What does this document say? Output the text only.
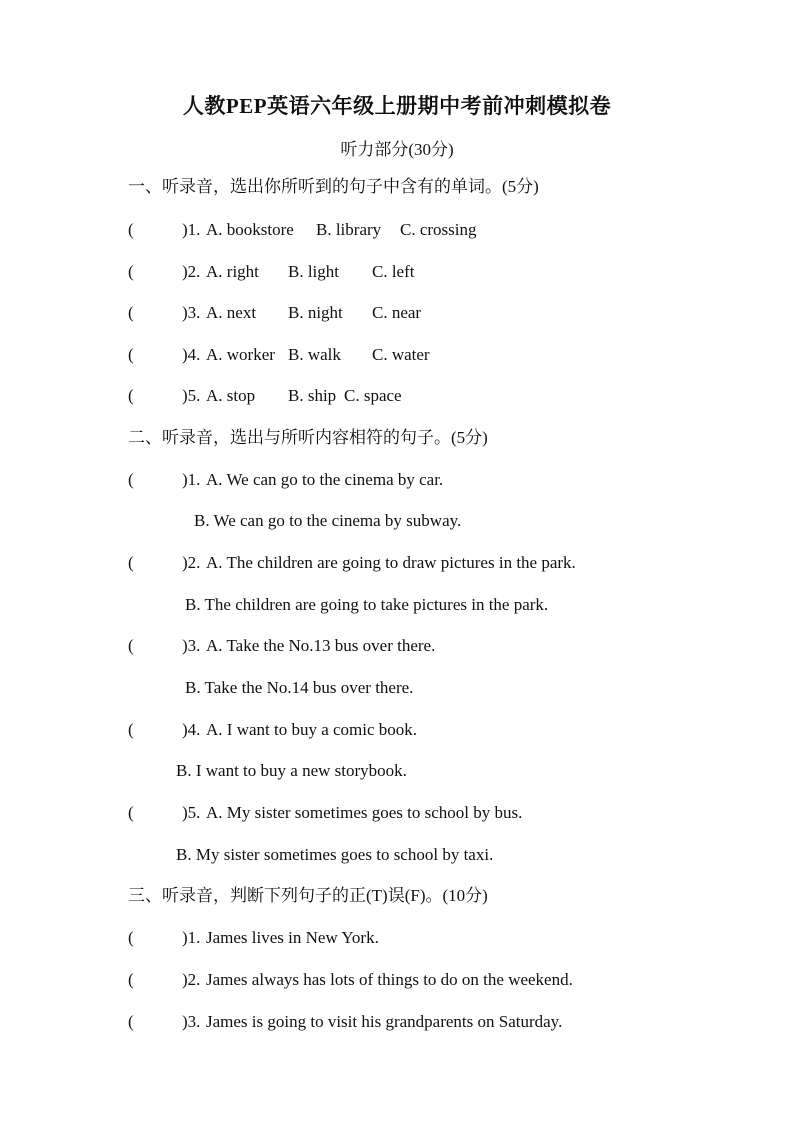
人教PEP英语六年级上册期中考前冲刺模拟卷
听力部分(30分)
一、听录音，选出你所听到的句子中含有的单词。(5分)
(	)1. A. bookstore B. library C. crossing
(	)2. A. right B. light C. left
(	)3. A. next B. night C. near
(	)4. A. worker B. walk C. water
(	)5. A. stop B. ship C. space
二、听录音，选出与所听内容相符的句子。(5分)
(	)1. A. We can go to the cinema by car.
B. We can go to the cinema by subway.
(	)2. A. The children are going to draw pictures in the park.
B. The children are going to take pictures in the park.
(	)3. A. Take the No.13 bus over there.
B. Take the No.14 bus over there.
(	)4. A. I want to buy a comic book.
B. I want to buy a new storybook.
(	)5. A. My sister sometimes goes to school by bus.
B. My sister sometimes goes to school by taxi.
三、听录音，判断下列句子的正(T)误(F)。(10分)
(	)1. James lives in New York.
(	)2. James always has lots of things to do on the weekend.
(	)3. James is going to visit his grandparents on Saturday.
